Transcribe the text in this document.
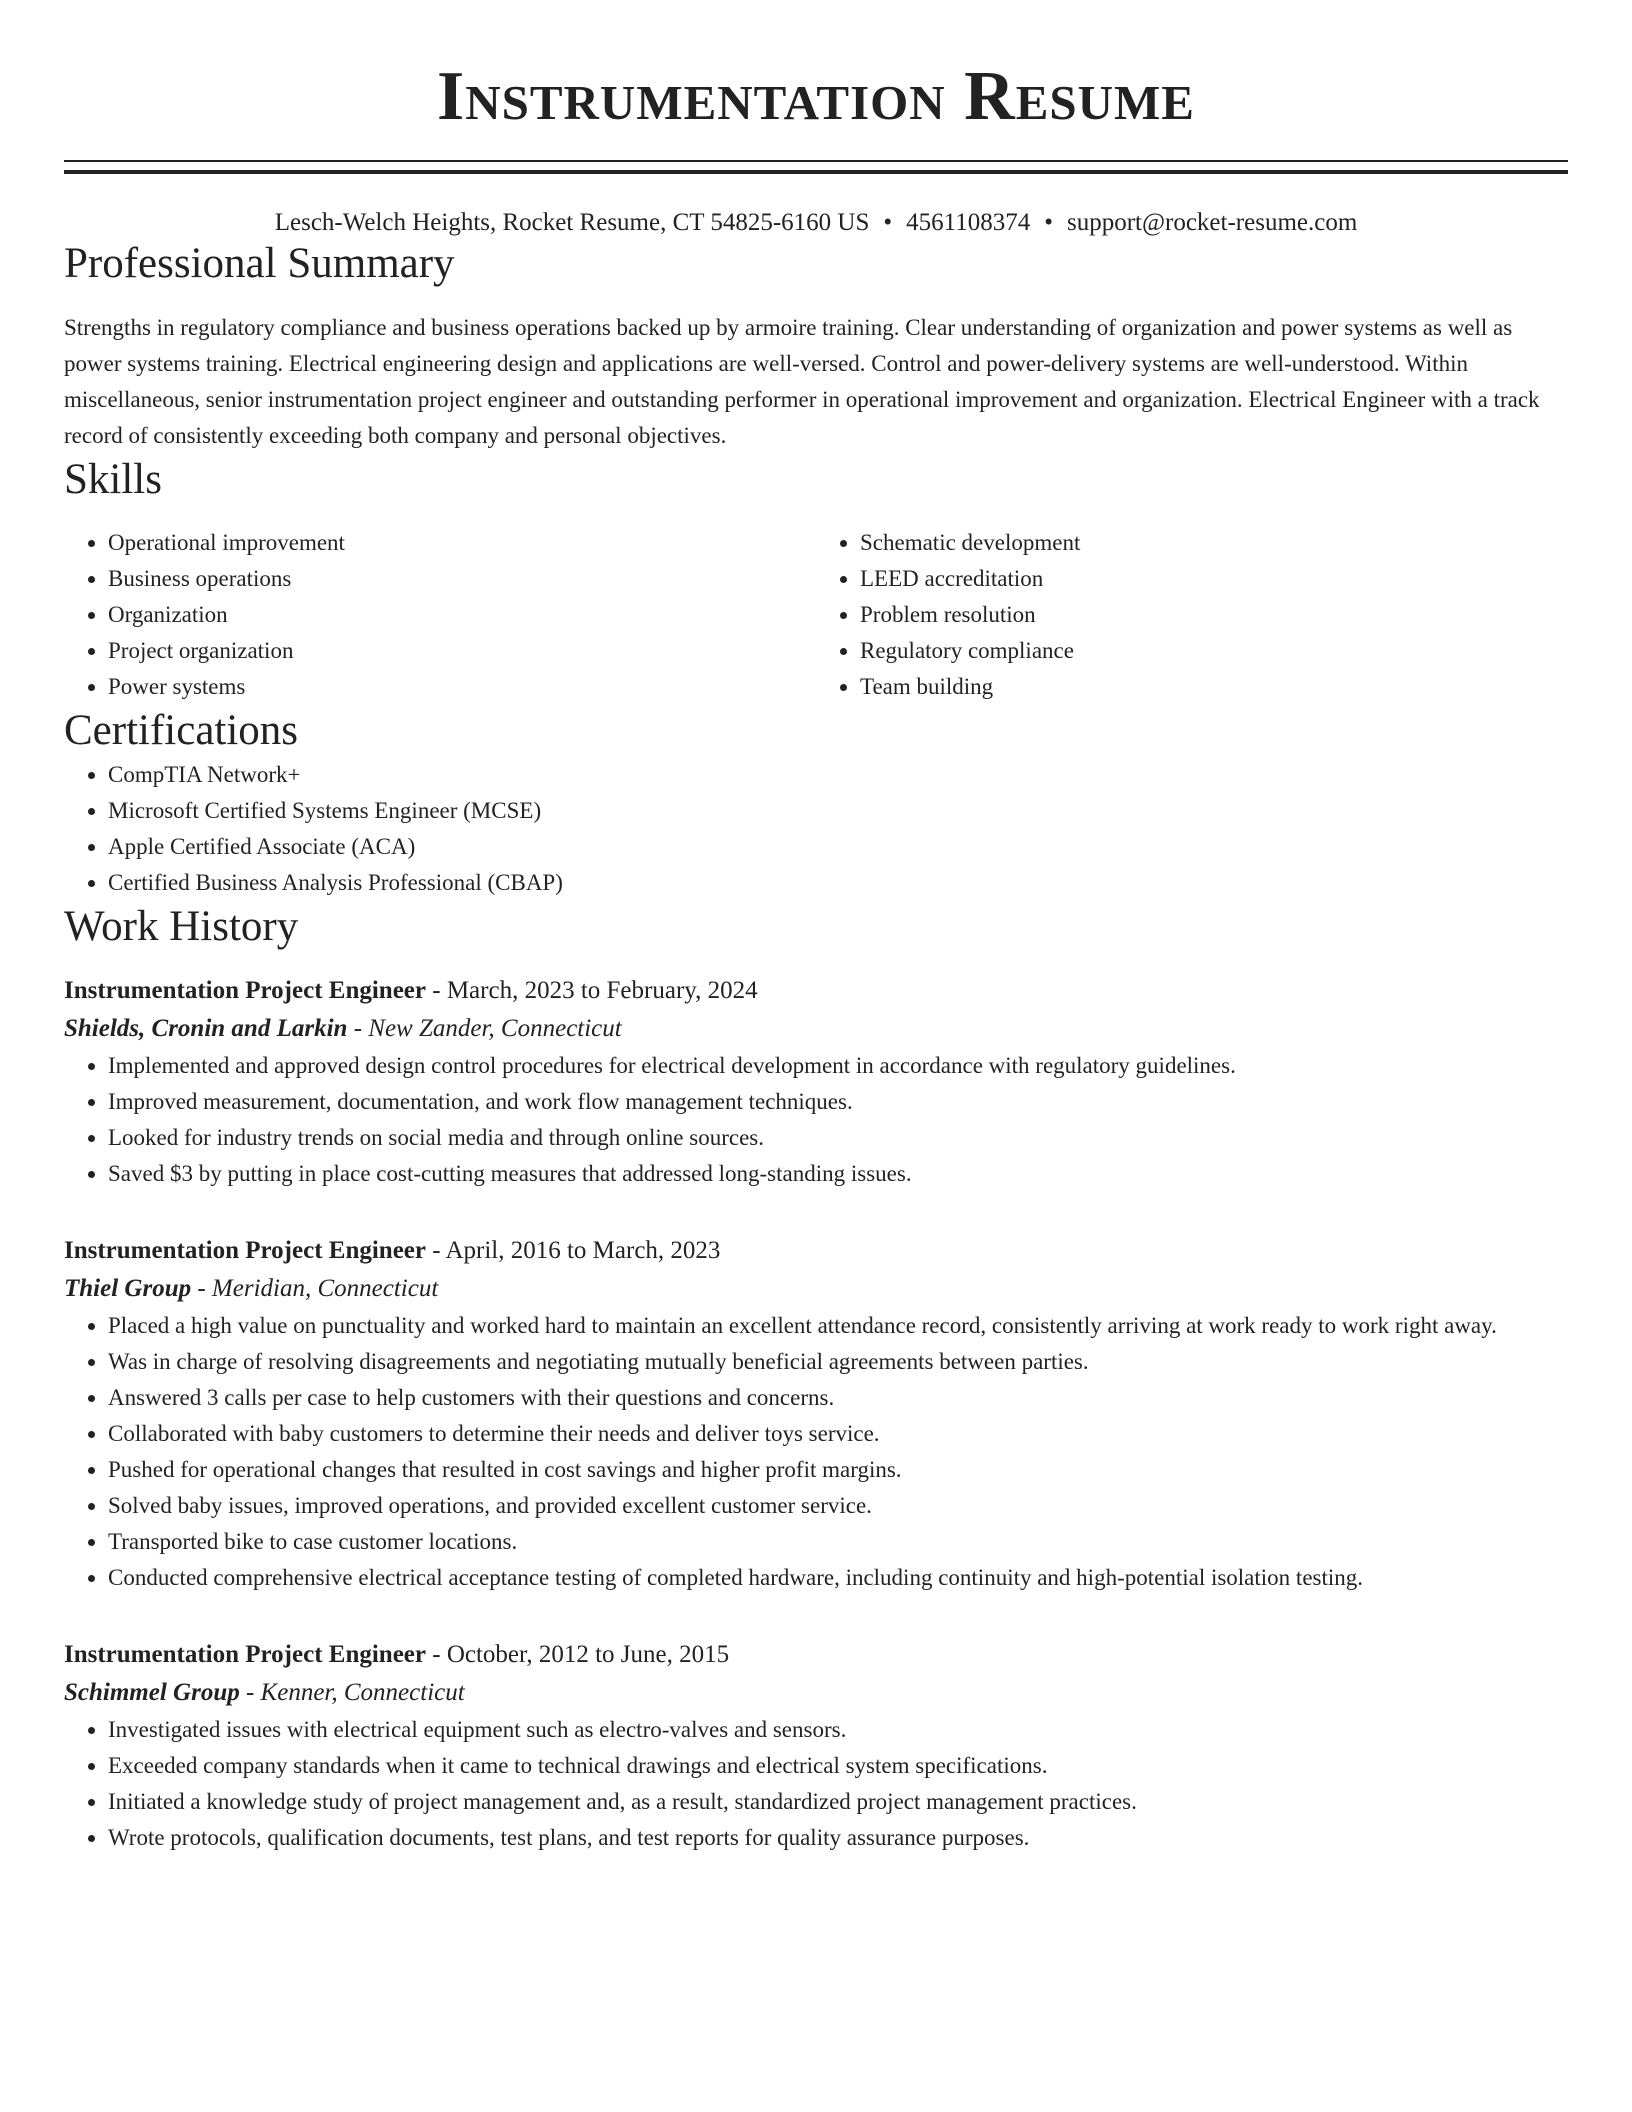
Instrumentation Resume
Lesch-Welch Heights, Rocket Resume, CT 54825-6160 US • 4561108374 • support@rocket-resume.com
Professional Summary

Strengths in regulatory compliance and business operations backed up by armoire training. Clear understanding of organization and power systems as well as power systems training. Electrical engineering design and applications are well-versed. Control and power-delivery systems are well-understood. Within miscellaneous, senior instrumentation project engineer and outstanding performer in operational improvement and organization. Electrical Engineer with a track record of consistently exceeding both company and personal objectives.

Skills
• Operational improvement
• Business operations
• Organization
• Project organization
• Power systems
• Schematic development
• LEED accreditation
• Problem resolution
• Regulatory compliance
• Team building
Certifications
• CompTIA Network+
• Microsoft Certified Systems Engineer (MCSE)
• Apple Certified Associate (ACA)
• Certified Business Analysis Professional (CBAP)
Work History
Instrumentation Project Engineer - March, 2023 to February, 2024
Shields, Cronin and Larkin - New Zander, Connecticut
• Implemented and approved design control procedures for electrical development in accordance with regulatory guidelines.
• Improved measurement, documentation, and work flow management techniques.
• Looked for industry trends on social media and through online sources.
• Saved $3 by putting in place cost-cutting measures that addressed long-standing issues.
Instrumentation Project Engineer - April, 2016 to March, 2023
Thiel Group - Meridian, Connecticut
• Placed a high value on punctuality and worked hard to maintain an excellent attendance record, consistently arriving at work ready to work right away.
• Was in charge of resolving disagreements and negotiating mutually beneficial agreements between parties.
• Answered 3 calls per case to help customers with their questions and concerns.
• Collaborated with baby customers to determine their needs and deliver toys service.
• Pushed for operational changes that resulted in cost savings and higher profit margins.
• Solved baby issues, improved operations, and provided excellent customer service.
• Transported bike to case customer locations.
• Conducted comprehensive electrical acceptance testing of completed hardware, including continuity and high-potential isolation testing.
Instrumentation Project Engineer - October, 2012 to June, 2015
Schimmel Group - Kenner, Connecticut
• Investigated issues with electrical equipment such as electro-valves and sensors.
• Exceeded company standards when it came to technical drawings and electrical system specifications.
• Initiated a knowledge study of project management and, as a result, standardized project management practices.
• Wrote protocols, qualification documents, test plans, and test reports for quality assurance purposes.
